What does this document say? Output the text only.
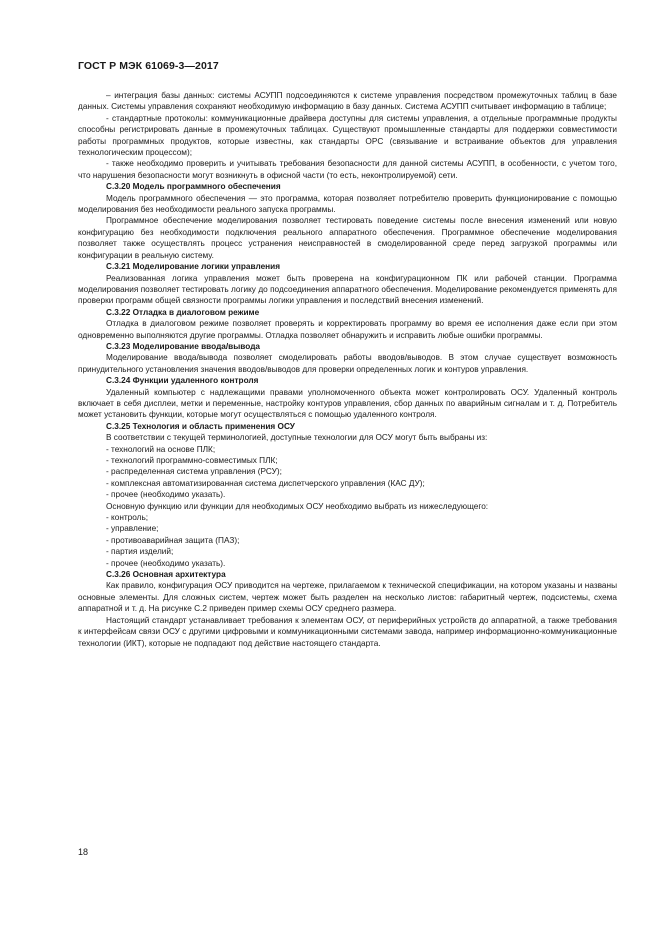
ГОСТ Р МЭК 61069-3—2017

– интеграция базы данных: системы АСУПП подсоединяются к системе управления посредством промежуточных таблиц в базе данных. Системы управления сохраняют необходимую информацию в базу данных. Система АСУПП считывает информацию в таблице;

- стандартные протоколы: коммуникационные драйвера доступны для системы управления, а отдельные программные продукты способны регистрировать данные в промежуточных таблицах. Существуют промышленные стандарты для поддержки совместимости работы программных продуктов, которые известны, как стандарты OPC (связывание и встраивание объектов для управления технологическим процессом);

- также необходимо проверить и учитывать требования безопасности для данной системы АСУПП, в особенности, с учетом того, что нарушения безопасности могут возникнуть в офисной части (то есть, неконтролируемой) сети.

С.3.20 Модель программного обеспечения

Модель программного обеспечения — это программа, которая позволяет потребителю проверить функционирование с помощью моделирования без необходимости реального запуска программы.

Программное обеспечение моделирования позволяет тестировать поведение системы после внесения изменений или новую конфигурацию без необходимости подключения реального аппаратного обеспечения. Программное обеспечение моделирования позволяет также осуществлять процесс устранения неисправностей в смоделированной среде перед загрузкой программы или конфигурации в реальную систему.

С.3.21 Моделирование логики управления

Реализованная логика управления может быть проверена на конфигурационном ПК или рабочей станции. Программа моделирования позволяет тестировать логику до подсоединения аппаратного обеспечения. Моделирование рекомендуется применять для проверки программ общей связности программы логики управления и последствий внесения изменений.

С.3.22 Отладка в диалоговом режиме

Отладка в диалоговом режиме позволяет проверять и корректировать программу во время ее исполнения даже если при этом одновременно выполняются другие программы. Отладка позволяет обнаружить и исправить любые ошибки программы.

С.3.23 Моделирование ввода/вывода

Моделирование ввода/вывода позволяет смоделировать работы вводов/выводов. В этом случае существует возможность принудительного установления значения вводов/выводов для проверки определенных логик и контуров управления.

С.3.24 Функции удаленного контроля

Удаленный компьютер с надлежащими правами уполномоченного объекта может контролировать ОСУ. Удаленный контроль включает в себя дисплеи, метки и переменные, настройку контуров управления, сбор данных по аварийным сигналам и т. д. Потребитель может установить функции, которые могут осуществляться с помощью удаленного контроля.

С.3.25 Технология и область применения ОСУ

В соответствии с текущей терминологией, доступные технологии для ОСУ могут быть выбраны из:

- технологий на основе ПЛК;

- технологий программно-совместимых ПЛК;

- распределенная система управления (РСУ);

- комплексная автоматизированная система диспетчерского управления (КАС ДУ);

- прочее (необходимо указать).

Основную функцию или функции для необходимых ОСУ необходимо выбрать из нижеследующего:

- контроль;

- управление;

- противоаварийная защита (ПАЗ);

- партия изделий;

- прочее (необходимо указать).

С.3.26 Основная архитектура

Как правило, конфигурация ОСУ приводится на чертеже, прилагаемом к технической спецификации, на котором указаны и названы основные элементы. Для сложных систем, чертеж может быть разделен на несколько листов: габаритный чертеж, подсистемы, схема аппаратной и т. д. На рисунке С.2 приведен пример схемы ОСУ среднего размера.

Настоящий стандарт устанавливает требования к элементам ОСУ, от периферийных устройств до аппаратной, а также требования к интерфейсам связи ОСУ с другими цифровыми и коммуникационными системами завода, например информационно-коммуникационные технологии (ИКТ), которые не подпадают под действие настоящего стандарта.

18
